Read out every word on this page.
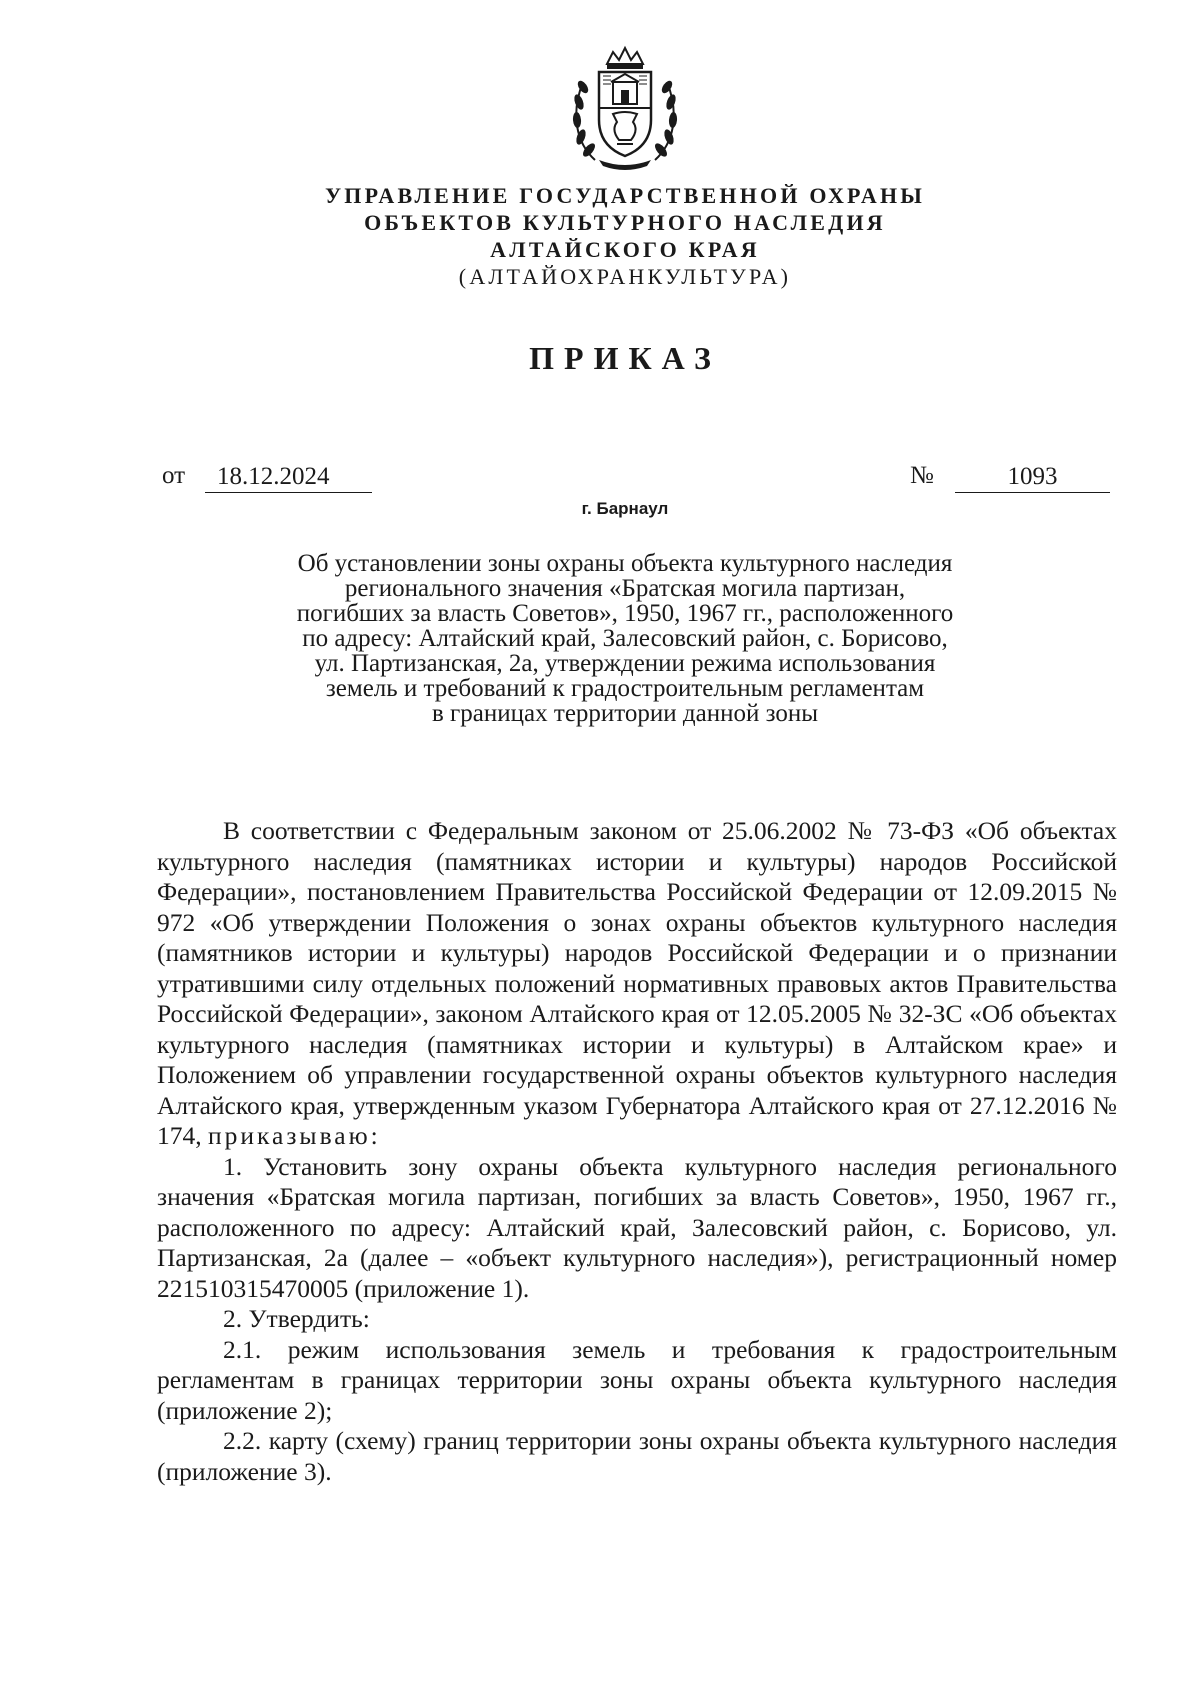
УПРАВЛЕНИЕ ГОСУДАРСТВЕННОЙ ОХРАНЫ
ОБЪЕКТОВ КУЛЬТУРНОГО НАСЛЕДИЯ
АЛТАЙСКОГО КРАЯ
(АЛТАЙОХРАНКУЛЬТУРА)
ПРИКАЗ
от	18.12.2024	№	1093
г. Барнаул
Об установлении зоны охраны объекта культурного наследия
регионального значения «Братская могила партизан,
погибших за власть Советов», 1950, 1967 гг., расположенного
по адресу: Алтайский край, Залесовский район, с. Борисово,
ул. Партизанская, 2а, утверждении режима использования
земель и требований к градостроительным регламентам
в границах территории данной зоны

В соответствии с Федеральным законом от 25.06.2002 № 73-ФЗ «Об объектах культурного наследия (памятниках истории и культуры) народов Российской Федерации», постановлением Правительства Российской Федерации от 12.09.2015 № 972 «Об утверждении Положения о зонах охраны объектов культурного наследия (памятников истории и культуры) народов Российской Федерации и о признании утратившими силу отдельных положений нормативных правовых актов Правительства Российской Федерации», законом Алтайского края от 12.05.2005 № 32-ЗС «Об объектах культурного наследия (памятниках истории и культуры) в Алтайском крае» и Положением об управлении государственной охраны объектов культурного наследия Алтайского края, утвержденным указом Губернатора Алтайского края от 27.12.2016 № 174, приказываю:

1. Установить зону охраны объекта культурного наследия регионального значения «Братская могила партизан, погибших за власть Советов», 1950, 1967 гг., расположенного по адресу: Алтайский край, Залесовский район, с. Борисово, ул. Партизанская, 2а (далее – «объект культурного наследия»), регистрационный номер 221510315470005 (приложение 1).

2. Утвердить:

2.1. режим использования земель и требования к градостроительным регламентам в границах территории зоны охраны объекта культурного наследия (приложение 2);

2.2. карту (схему) границ территории зоны охраны объекта культурного наследия (приложение 3).
